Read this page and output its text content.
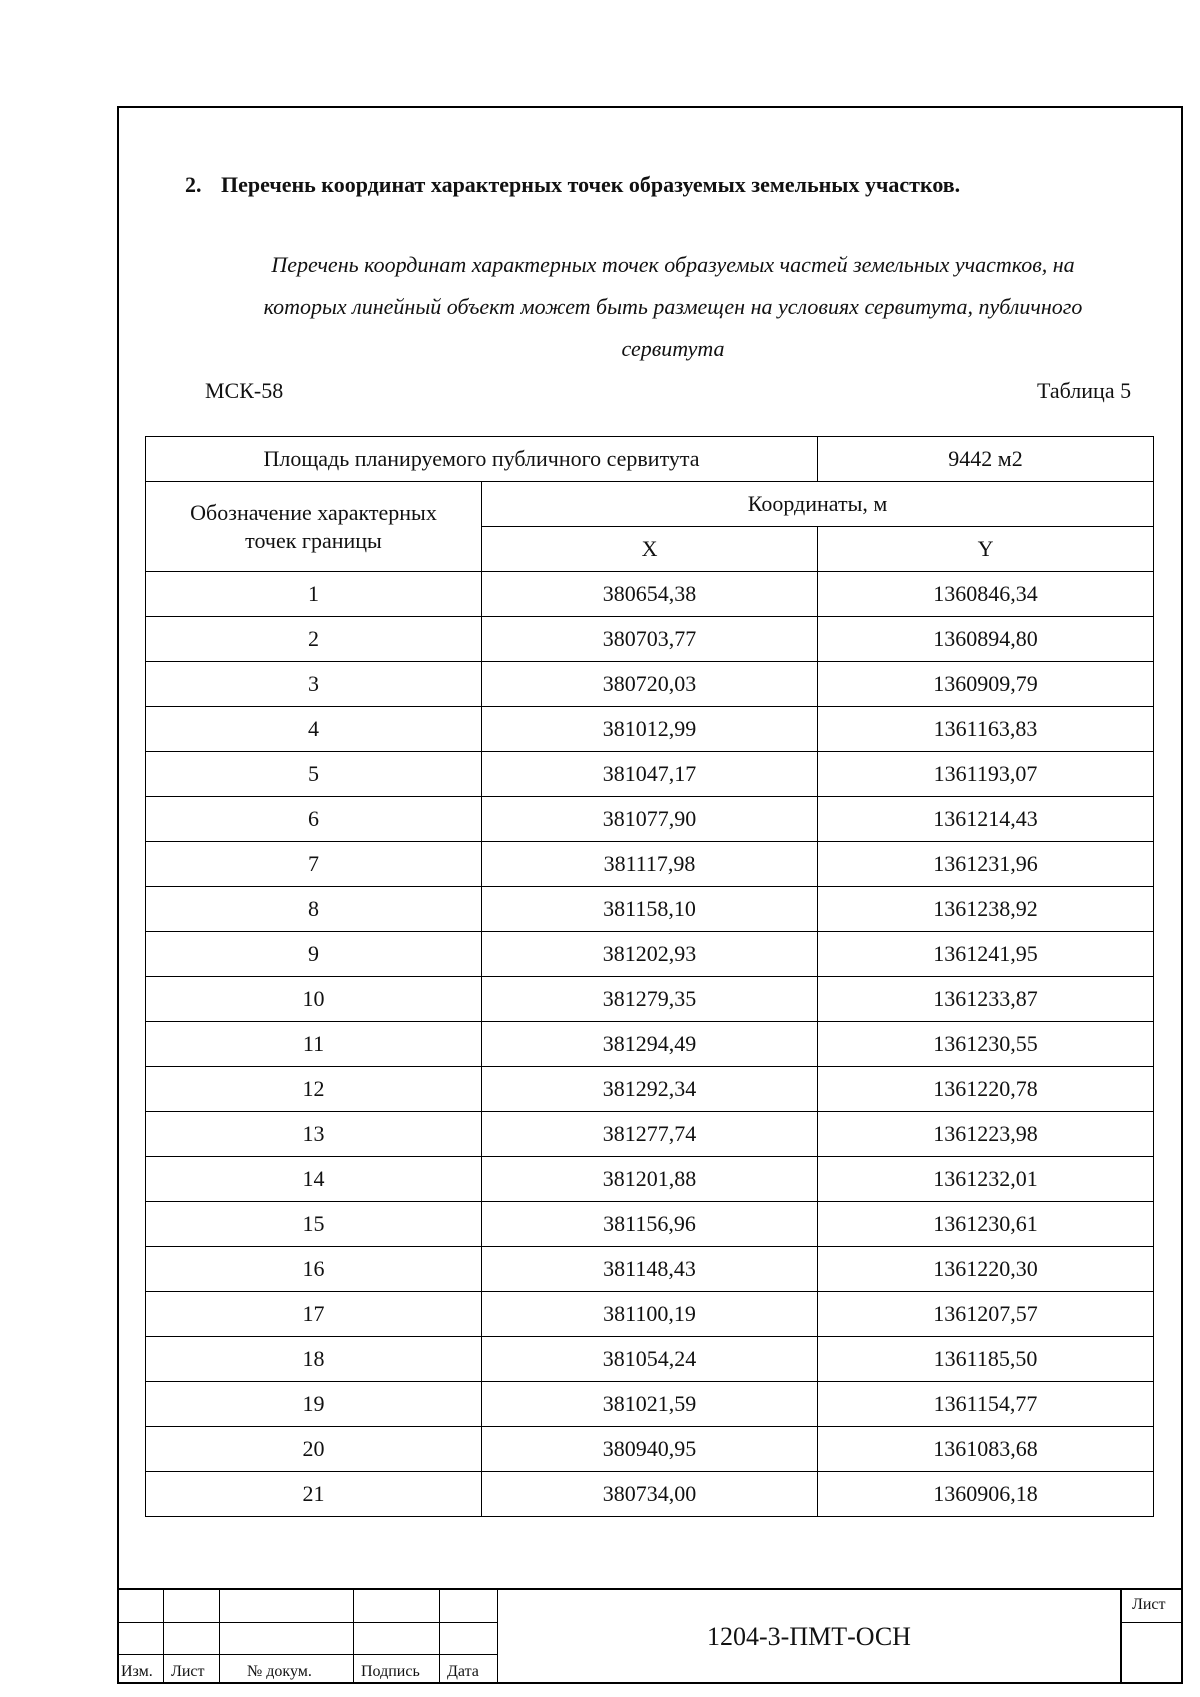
2. Перечень координат характерных точек образуемых земельных участков.
Перечень координат характерных точек образуемых частей земельных участков, на
которых линейный объект может быть размещен на условиях сервитута, публичного
сервитута
МСК-58	Таблица 5
Площадь планируемого публичного сервитута		9442 м2

Обозначение характерных
точек границы	Координаты, м	
	X	Y
1	380654,38	1360846,34
2	380703,77	1360894,80
3	380720,03	1360909,79
4	381012,99	1361163,83
5	381047,17	1361193,07
6	381077,90	1361214,43
7	381117,98	1361231,96
8	381158,10	1361238,92
9	381202,93	1361241,95
10	381279,35	1361233,87
11	381294,49	1361230,55
12	381292,34	1361220,78
13	381277,74	1361223,98
14	381201,88	1361232,01
15	381156,96	1361230,61
16	381148,43	1361220,30
17	381100,19	1361207,57
18	381054,24	1361185,50
19	381021,59	1361154,77
20	380940,95	1361083,68
21	380734,00	1360906,18
Изм. Лист	№ докум.	Подпись Дата
1204-3-ПМТ-ОСН
Лист
